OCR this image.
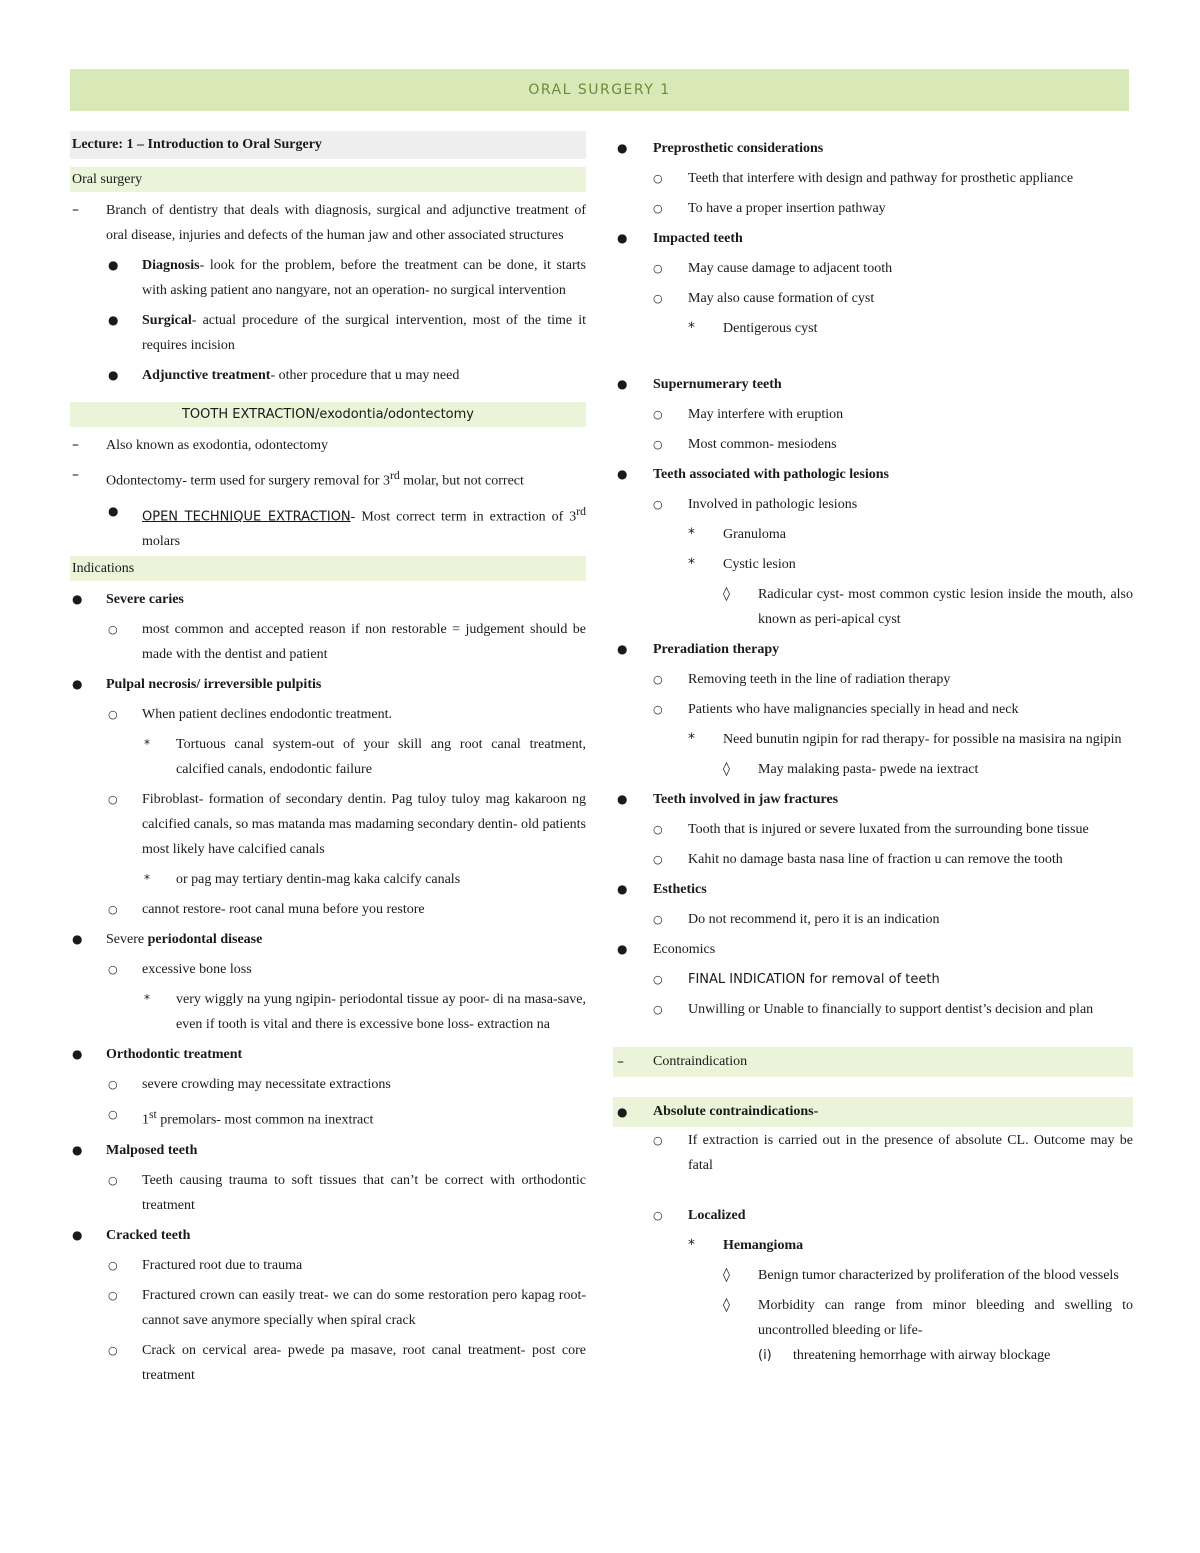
ORAL SURGERY 1
Lecture: 1 – Introduction to Oral Surgery
Oral surgery
– Branch of dentistry that deals with diagnosis, surgical and adjunctive treatment of oral disease, injuries and defects of the human jaw and other associated structures
● Diagnosis- look for the problem, before the treatment can be done, it starts with asking patient ano nangyare, not an operation- no surgical intervention
● Surgical- actual procedure of the surgical intervention, most of the time it requires incision
● Adjunctive treatment- other procedure that u may need
TOOTH EXTRACTION/exodontia/odontectomy
– Also known as exodontia, odontectomy
– Odontectomy- term used for surgery removal for 3rd molar, but not correct
● OPEN TECHNIQUE EXTRACTION- Most correct term in extraction of 3rd molars
Indications
● Severe caries
○ most common and accepted reason if non restorable = judgement should be made with the dentist and patient
● Pulpal necrosis/ irreversible pulpitis
○ When patient declines endodontic treatment.
* Tortuous canal system-out of your skill ang root canal treatment, calcified canals, endodontic failure
○ Fibroblast- formation of secondary dentin. Pag tuloy tuloy mag kakaroon ng calcified canals, so mas matanda mas madaming secondary dentin- old patients most likely have calcified canals
* or pag may tertiary dentin-mag kaka calcify canals
○ cannot restore- root canal muna before you restore
● Severe periodontal disease
○ excessive bone loss
* very wiggly na yung ngipin- periodontal tissue ay poor- di na masa-save, even if tooth is vital and there is excessive bone loss- extraction na
● Orthodontic treatment
○ severe crowding may necessitate extractions
○ 1st premolars- most common na inextract
● Malposed teeth
○ Teeth causing trauma to soft tissues that can’t be correct with orthodontic treatment
● Cracked teeth
○ Fractured root due to trauma
○ Fractured crown can easily treat- we can do some restoration pero kapag root- cannot save anymore specially when spiral crack
○ Crack on cervical area- pwede pa masave, root canal treatment- post core treatment
● Preprosthetic considerations
○ Teeth that interfere with design and pathway for prosthetic appliance
○ To have a proper insertion pathway
● Impacted teeth
○ May cause damage to adjacent tooth
○ May also cause formation of cyst
* Dentigerous cyst
● Supernumerary teeth
○ May interfere with eruption
○ Most common- mesiodens
● Teeth associated with pathologic lesions
○ Involved in pathologic lesions
* Granuloma
* Cystic lesion
◊ Radicular cyst- most common cystic lesion inside the mouth, also known as peri-apical cyst
● Preradiation therapy
○ Removing teeth in the line of radiation therapy
○ Patients who have malignancies specially in head and neck
* Need bunutin ngipin for rad therapy- for possible na masisira na ngipin
◊ May malaking pasta- pwede na iextract
● Teeth involved in jaw fractures
○ Tooth that is injured or severe luxated from the surrounding bone tissue
○ Kahit no damage basta nasa line of fraction u can remove the tooth
● Esthetics
○ Do not recommend it, pero it is an indication
● Economics
○ FINAL INDICATION for removal of teeth
○ Unwilling or Unable to financially to support dentist’s decision and plan
– Contraindication
● Absolute contraindications-
○ If extraction is carried out in the presence of absolute CL. Outcome may be fatal
○ Localized
* Hemangioma
◊ Benign tumor characterized by proliferation of the blood vessels
◊ Morbidity can range from minor bleeding and swelling to uncontrolled bleeding or life-
(i) threatening hemorrhage with airway blockage
